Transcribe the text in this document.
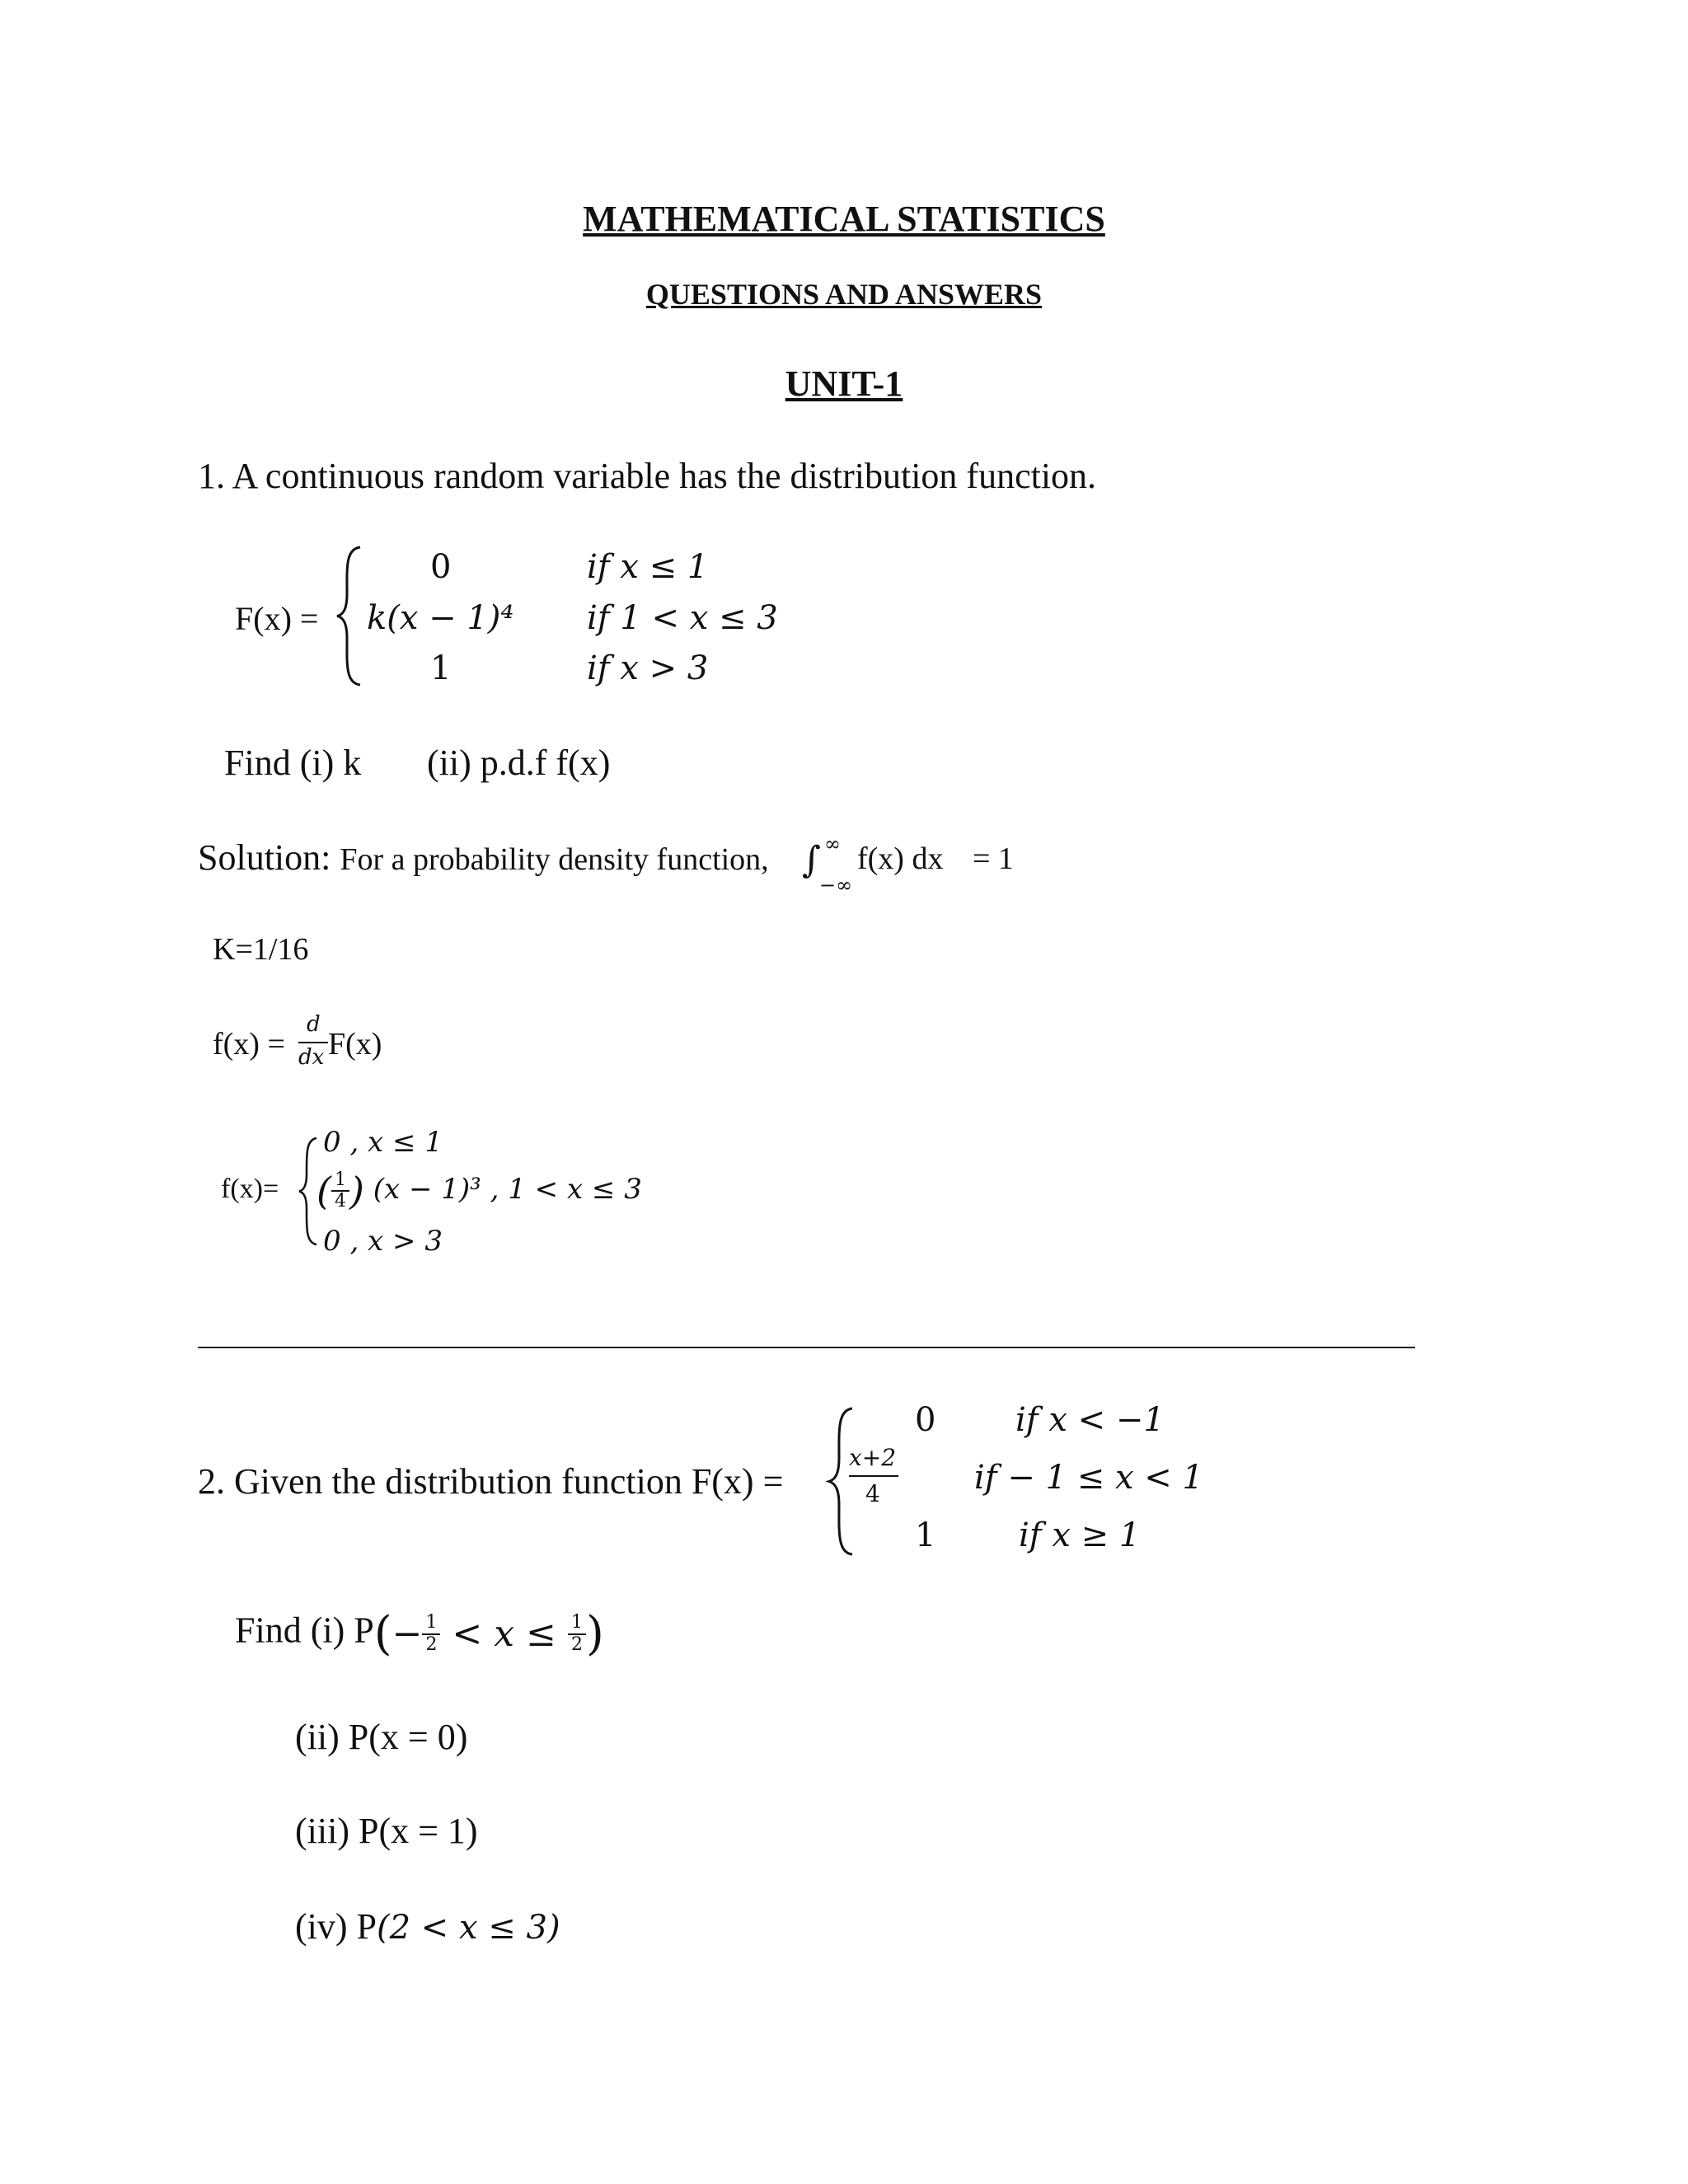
MATHEMATICAL STATISTICS
QUESTIONS AND ANSWERS
UNIT-1
1. A continuous random variable has the distribution function.
F(x) =
0
k(x − 1)⁴
1
if x ≤ 1
if 1 < x ≤ 3
if x > 3
Find (i) k (ii) p.d.f f(x)
Solution: For a probability density function, ∫ ∞
−∞
f(x) dx = 1
K=1/16
f(x) =
d
dx F(x)
f(x)=
0 , x ≤ 1
( $\frac{1}{4}$ ) (x − 1)³ , 1 < x ≤ 3
0 , x > 3
2. Given the distribution function F(x) =
0
x+2
4
1
if x < −1
if − 1 ≤ x < 1
if x ≥ 1
Find (i) $P(- \frac{1}{2} < x \le \frac{1}{2}$ )
(ii) P(x = 0)
(iii) P(x = 1)
(iv) P(2 < x ≤ 3)
